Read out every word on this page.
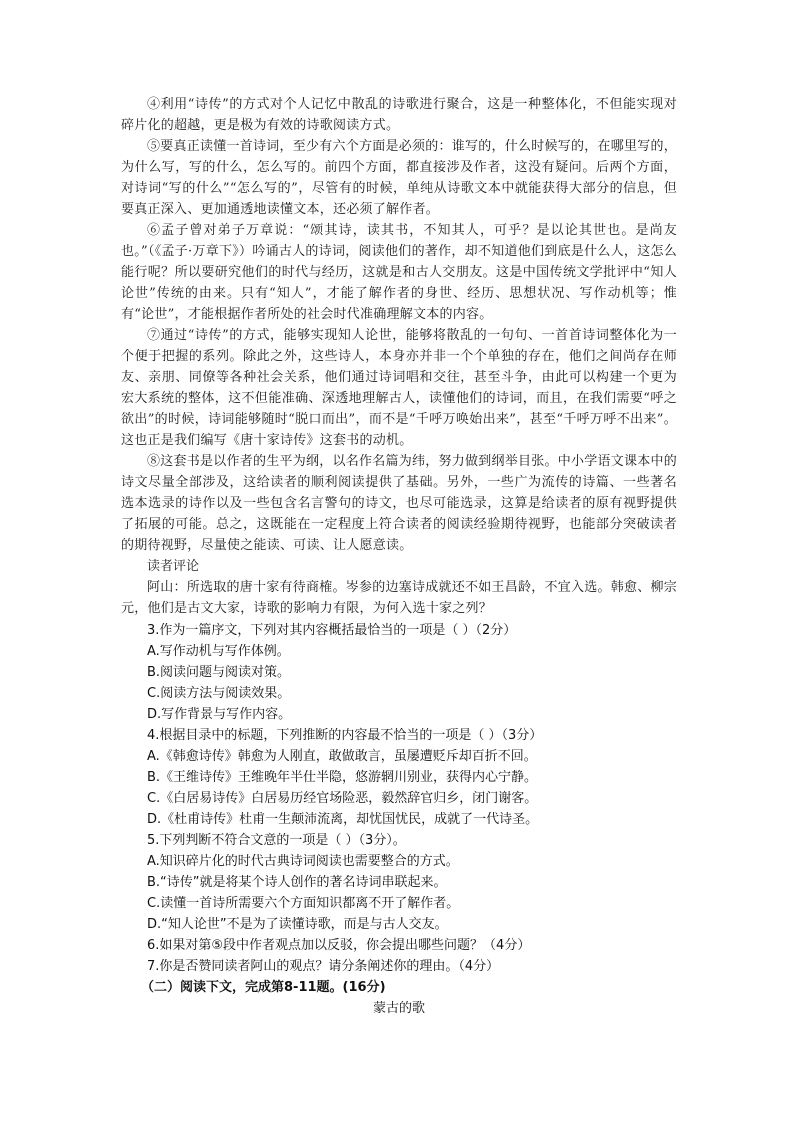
④利用“诗传”的方式对个人记忆中散乱的诗歌进行聚合，这是一种整体化，不但能实现对碎片化的超越，更是极为有效的诗歌阅读方式。

⑤要真正读懂一首诗词，至少有六个方面是必须的：谁写的，什么时候写的，在哪里写的，为什么写，写的什么，怎么写的。前四个方面，都直接涉及作者，这没有疑问。后两个方面，对诗词“写的什么”“怎么写的”，尽管有的时候，单纯从诗歌文本中就能获得大部分的信息，但要真正深入、更加通透地读懂文本，还必须了解作者。

⑥孟子曾对弟子万章说：“颂其诗，读其书，不知其人，可乎？是以论其世也。是尚友也。”（《孟子·万章下》）吟诵古人的诗词，阅读他们的著作，却不知道他们到底是什么人，这怎么能行呢？所以要研究他们的时代与经历，这就是和古人交朋友。这是中国传统文学批评中“知人论世”传统的由来。只有“知人”，才能了解作者的身世、经历、思想状况、写作动机等；惟有“论世”，才能根据作者所处的社会时代准确理解文本的内容。

⑦通过“诗传”的方式，能够实现知人论世，能够将散乱的一句句、一首首诗词整体化为一个便于把握的系列。除此之外，这些诗人，本身亦并非一个个单独的存在，他们之间尚存在师友、亲朋、同僚等各种社会关系，他们通过诗词唱和交往，甚至斗争，由此可以构建一个更为宏大系统的整体，这不但能准确、深透地理解古人，读懂他们的诗词，而且，在我们需要“呼之欲出”的时候，诗词能够随时“脱口而出”，而不是“千呼万唤始出来”，甚至“千呼万呼不出来”。这也正是我们编写《唐十家诗传》这套书的动机。

⑧这套书是以作者的生平为纲，以名作名篇为纬，努力做到纲举目张。中小学语文课本中的诗文尽量全部涉及，这给读者的顺利阅读提供了基础。另外，一些广为流传的诗篇、一些著名选本选录的诗作以及一些包含名言警句的诗文，也尽可能选录，这算是给读者的原有视野提供了拓展的可能。总之，这既能在一定程度上符合读者的阅读经验期待视野，也能部分突破读者的期待视野，尽量使之能读、可读、让人愿意读。

读者评论

阿山：所选取的唐十家有待商榷。岑参的边塞诗成就还不如王昌龄，不宜入选。韩愈、柳宗元，他们是古文大家，诗歌的影响力有限，为何入选十家之列？

3.作为一篇序文，下列对其内容概括最恰当的一项是（ ）（2分）

A.写作动机与写作体例。

B.阅读问题与阅读对策。

C.阅读方法与阅读效果。

D.写作背景与写作内容。

4.根据目录中的标题，下列推断的内容最不恰当的一项是（ ）（3分）

A.《韩愈诗传》韩愈为人刚直，敢做敢言，虽屡遭贬斥却百折不回。

B.《王维诗传》王维晚年半仕半隐，悠游辋川别业，获得内心宁静。

C.《白居易诗传》白居易历经官场险恶，毅然辞官归乡，闭门谢客。

D.《杜甫诗传》杜甫一生颠沛流离，却忧国忧民，成就了一代诗圣。

5.下列判断不符合文意的一项是（ ）（3分）。

A.知识碎片化的时代古典诗词阅读也需要整合的方式。

B.“诗传”就是将某个诗人创作的著名诗词串联起来。

C.读懂一首诗所需要六个方面知识都离不开了解作者。

D.“知人论世”不是为了读懂诗歌，而是与古人交友。

6.如果对第⑤段中作者观点加以反驳，你会提出哪些问题？（4分）

7.你是否赞同读者阿山的观点？请分条阐述你的理由。（4分）

（二）阅读下文，完成第8-11题。(16分)

蒙古的歌
